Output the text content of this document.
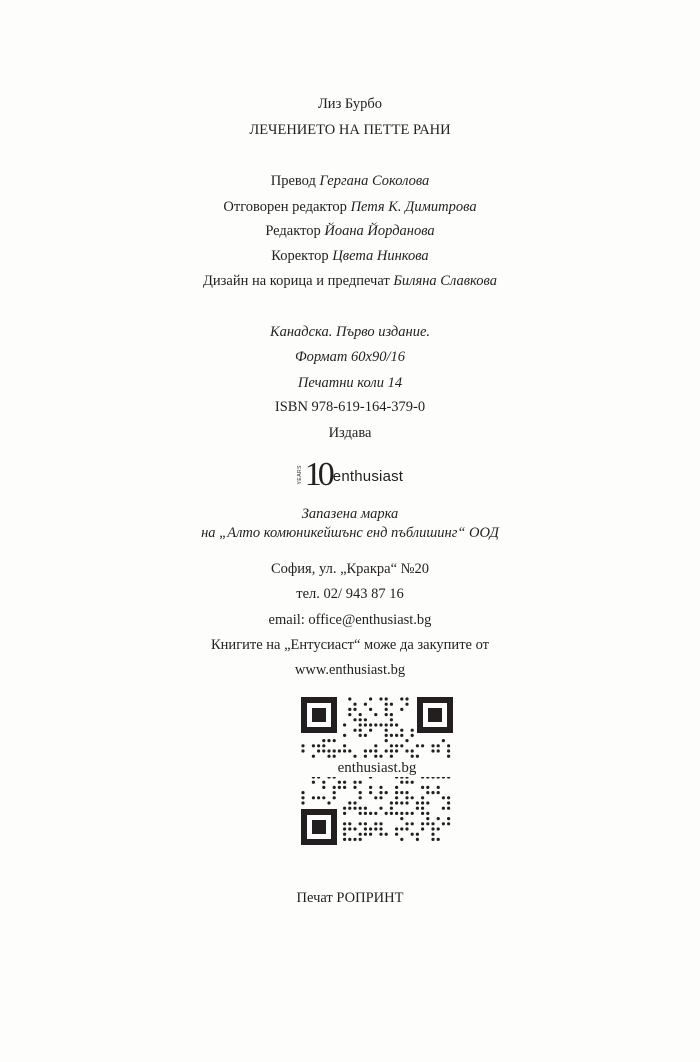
Лиз Бурбо
ЛЕЧЕНИЕТО НА ПЕТТЕ РАНИ
Превод Гергана Соколова
Отговорен редактор Петя К. Димитрова
Редактор Йоана Йорданова
Коректор Цвета Нинкова
Дизайн на корица и предпечат Биляна Славкова
Канадска. Първо издание.
Формат 60х90/16
Печатни коли 14
ISBN 978-619-164-379-0
Издава
YEARS 10 enthusiast
Запазена марка
на „Алто комюникейшънс енд пъблишинг“ ООД
София, ул. „Кракра“ №20
тел. 02/ 943 87 16
email: office@enthusiast.bg
Книгите на „Ентусиаст“ може да закупите от
www.enthusiast.bg
enthusiast.bg
Печат РОПРИНТ
